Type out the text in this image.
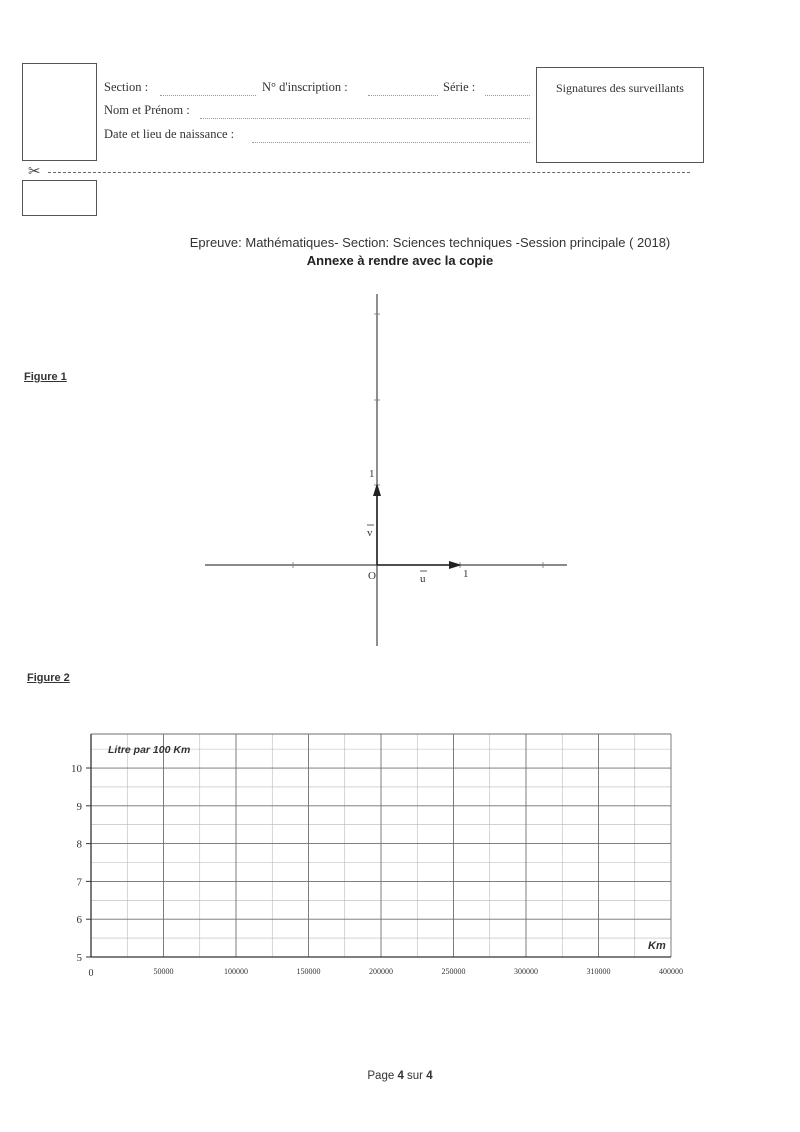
Section :	N° d'inscription :	Série :
Nom et Prénom :
Date et lieu de naissance :
Signatures des surveillants
✂
Epreuve: Mathématiques- Section: Sciences techniques -Session principale ( 2018)
Annexe à rendre avec la copie
Figure 1
O	u	1
v
1
Figure 2
5
6
7
8
9
10
0	50000	100000	150000	200000	250000	300000	310000	400000
Litre par 100 Km
Km
Page 4 sur 4
